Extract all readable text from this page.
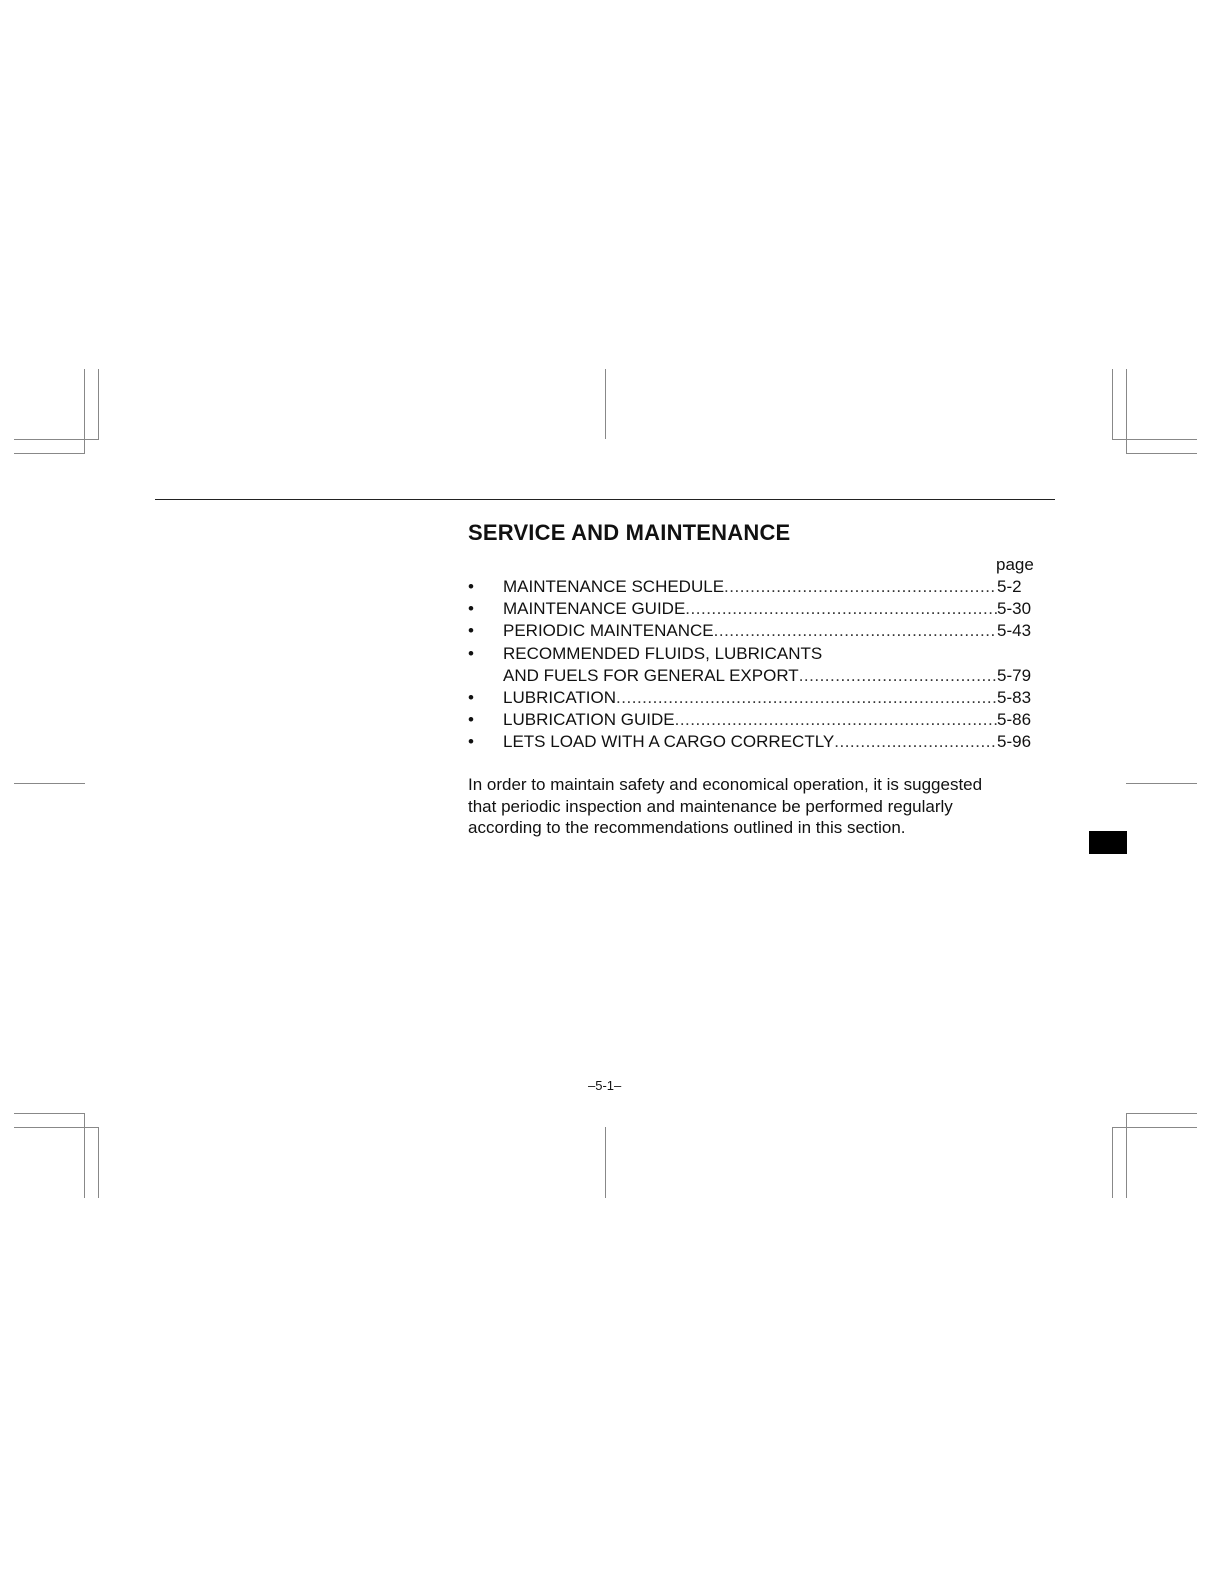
SERVICE AND MAINTENANCE
page
• MAINTENANCE SCHEDULE .....	5-2
• MAINTENANCE GUIDE .....	5-30
• PERIODIC MAINTENANCE .....	5-43
• RECOMMENDED FLUIDS, LUBRICANTS
AND FUELS FOR GENERAL EXPORT .....	5-79
• LUBRICATION .....	5-83
• LUBRICATION GUIDE .....	5-86
• LETS LOAD WITH A CARGO CORRECTLY .....	5-96
In order to maintain safety and economical operation, it is suggested
that periodic inspection and maintenance be performed regularly
according to the recommendations outlined in this section.
–5-1–
